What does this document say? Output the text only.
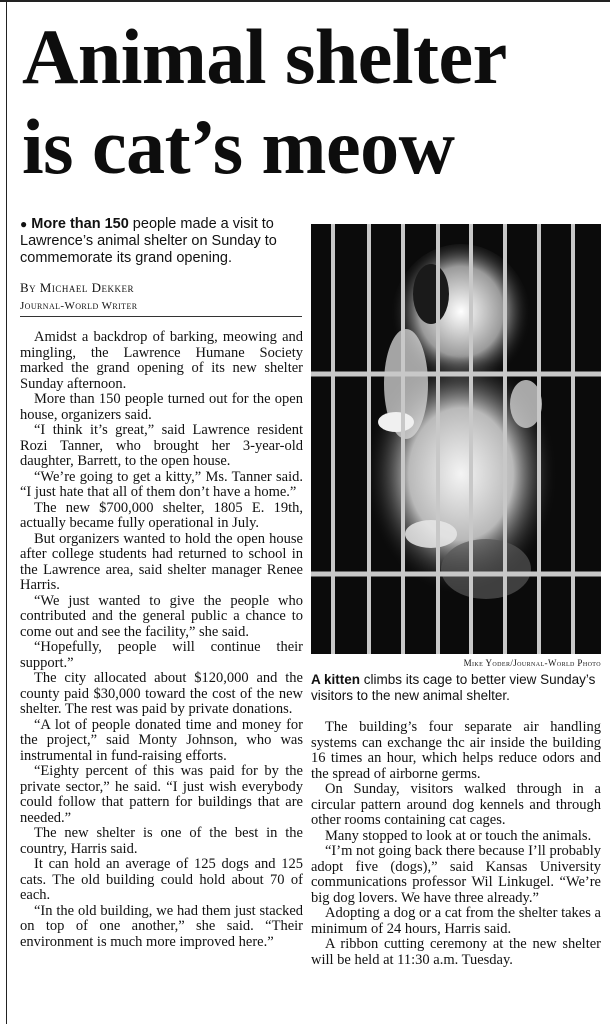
Animal shelter
is cat’s meow
● More than 150 people made a visit to Lawrence’s animal shelter on Sunday to commemorate its grand opening.
By Michael Dekker
Journal-World Writer

Amidst a backdrop of barking, meowing and mingling, the Lawrence Humane Society marked the grand opening of its new shelter Sunday afternoon.

More than 150 people turned out for the open house, organizers said.

“I think it’s great,” said Lawrence resident Rozi Tanner, who brought her 3-year-old daughter, Barrett, to the open house.

“We’re going to get a kitty,” Ms. Tanner said. “I just hate that all of them don’t have a home.”

The new $700,000 shelter, 1805 E. 19th, actually became fully operational in July.

But organizers wanted to hold the open house after college students had returned to school in the Lawrence area, said shelter manager Renee Harris.

“We just wanted to give the people who contributed and the general public a chance to come out and see the facility,” she said.

“Hopefully, people will continue their support.”

The city allocated about $120,000 and the county paid $30,000 toward the cost of the new shelter. The rest was paid by private donations.

“A lot of people donated time and money for the project,” said Monty Johnson, who was instrumental in fund-raising efforts.

“Eighty percent of this was paid for by the private sector,” he said. “I just wish everybody could follow that pattern for buildings that are needed.”

The new shelter is one of the best in the country, Harris said.

It can hold an average of 125 dogs and 125 cats. The old building could hold about 70 of each.

“In the old building, we had them just stacked on top of one another,” she said. “Their environment is much more improved here.”

Mike Yoder/Journal-World Photo
A kitten climbs its cage to better view Sunday’s visitors to the new animal shelter.

The building’s four separate air handling systems can exchange thc air inside the building 16 times an hour, which helps reduce odors and the spread of airborne germs.

On Sunday, visitors walked through in a circular pattern around dog kennels and through other rooms containing cat cages.

Many stopped to look at or touch the animals.

“I’m not going back there because I’ll probably adopt five (dogs),” said Kansas University communications professor Wil Linkugel. “We’re big dog lovers. We have three already.”

Adopting a dog or a cat from the shelter takes a minimum of 24 hours, Harris said.

A ribbon cutting ceremony at the new shelter will be held at 11:30 a.m. Tuesday.
